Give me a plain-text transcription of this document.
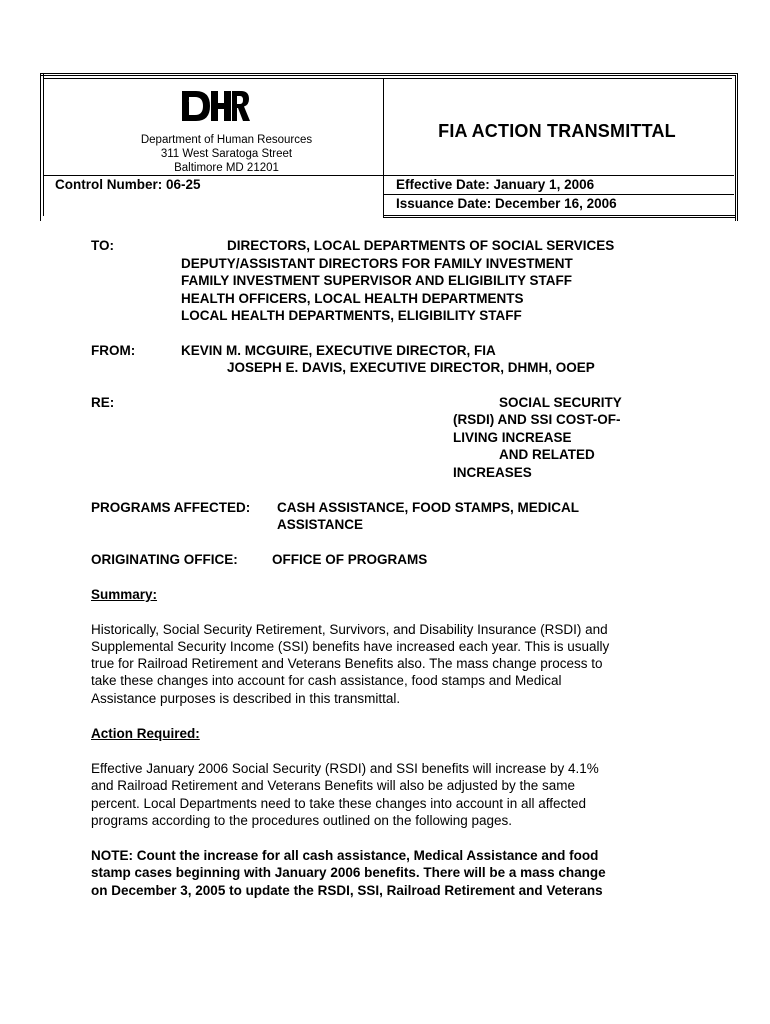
Department of Human Resources
311 West Saratoga Street
Baltimore MD 21201
FIA ACTION TRANSMITTAL
Control Number: 06-25	Effective Date: January 1, 2006
Issuance Date: December 16, 2006
TO:	DIRECTORS, LOCAL DEPARTMENTS OF SOCIAL SERVICES
DEPUTY/ASSISTANT DIRECTORS FOR FAMILY INVESTMENT
FAMILY INVESTMENT SUPERVISOR AND ELIGIBILITY STAFF
HEALTH OFFICERS, LOCAL HEALTH DEPARTMENTS
LOCAL HEALTH DEPARTMENTS, ELIGIBILITY STAFF
FROM:	KEVIN M. MCGUIRE, EXECUTIVE DIRECTOR, FIA
JOSEPH E. DAVIS, EXECUTIVE DIRECTOR, DHMH, OOEP
RE:	SOCIAL SECURITY
(RSDI) AND SSI COST-OF-
LIVING INCREASE
AND RELATED
INCREASES
PROGRAMS AFFECTED: CASH ASSISTANCE, FOOD STAMPS, MEDICAL
ASSISTANCE
ORIGINATING OFFICE:	OFFICE OF PROGRAMS
Summary:
Historically, Social Security Retirement, Survivors, and Disability Insurance (RSDI) and
Supplemental Security Income (SSI) benefits have increased each year. This is usually
true for Railroad Retirement and Veterans Benefits also. The mass change process to
take these changes into account for cash assistance, food stamps and Medical
Assistance purposes is described in this transmittal.
Action Required:
Effective January 2006 Social Security (RSDI) and SSI benefits will increase by 4.1%
and Railroad Retirement and Veterans Benefits will also be adjusted by the same
percent. Local Departments need to take these changes into account in all affected
programs according to the procedures outlined on the following pages.
NOTE: Count the increase for all cash assistance, Medical Assistance and food
stamp cases beginning with January 2006 benefits. There will be a mass change
on December 3, 2005 to update the RSDI, SSI, Railroad Retirement and Veterans
